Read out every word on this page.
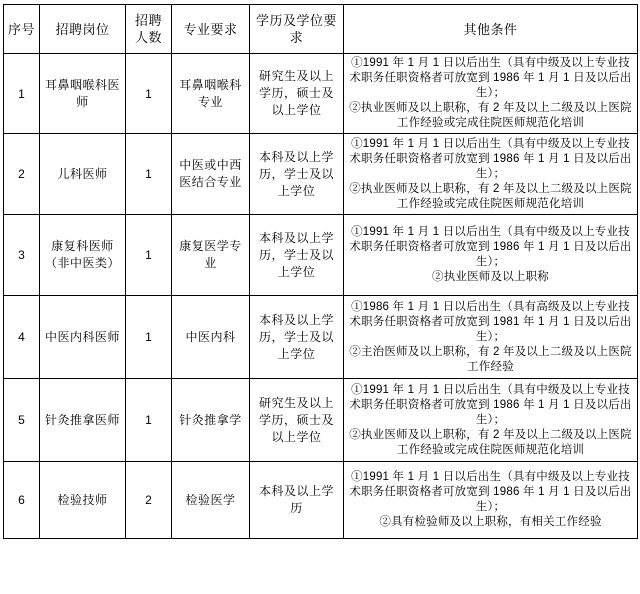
序号	招聘岗位	招聘人数	专业要求	学历及学位要求	其他条件
1	耳鼻咽喉科医师	1	耳鼻咽喉科专业	研究生及以上学历，硕士及以上学位	①1991 年 1 月 1 日以后出生（具有中级及以上专业技术职务任职资格者可放宽到 1986 年 1 月 1 日及以后出生）；
②执业医师及以上职称，有 2 年及以上二级及以上医院工作经验或完成住院医师规范化培训

2	儿科医师	1	中医或中西医结合专业	本科及以上学历，学士及以上学位	①1991 年 1 月 1 日以后出生（具有中级及以上专业技术职务任职资格者可放宽到 1986 年 1 月 1 日及以后出生）；
②执业医师及以上职称，有 2 年及以上二级及以上医院工作经验或完成住院医师规范化培训

3	康复科医师（非中医类）	1	康复医学专业	本科及以上学历，学士及以上学位	①1991 年 1 月 1 日以后出生（具有中级及以上专业技术职务任职资格者可放宽到 1986 年 1 月 1 日及以后出生）；
②执业医师及以上职称

4	中医内科医师	1	中医内科	本科及以上学历，学士及以上学位	①1986 年 1 月 1 日以后出生（具有高级及以上专业技术职务任职资格者可放宽到 1981 年 1 月 1 日及以后出生）；
②主治医师及以上职称，有 2 年及以上二级及以上医院工作经验

5	针灸推拿医师	1	针灸推拿学	研究生及以上学历，硕士及以上学位	①1991 年 1 月 1 日以后出生（具有中级及以上专业技术职务任职资格者可放宽到 1986 年 1 月 1 日及以后出生）；
②执业医师及以上职称，有 2 年及以上二级及以上医院工作经验或完成住院医师规范化培训

6	检验技师	2	检验医学	本科及以上学历	①1991 年 1 月 1 日以后出生（具有中级及以上专业技术职务任职资格者可放宽到 1986 年 1 月 1 日及以后出生）；
②具有检验师及以上职称，有相关工作经验
